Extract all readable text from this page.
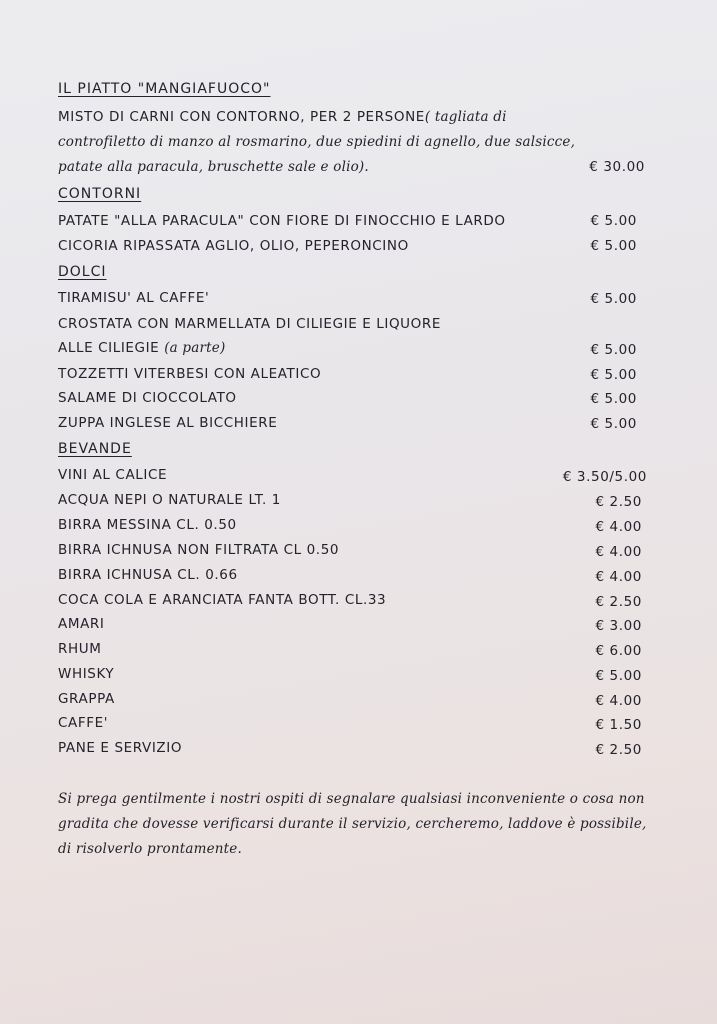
IL PIATTO "MANGIAFUOCO"
MISTO DI CARNI CON CONTORNO, PER 2 PERSONE( tagliata di
controfiletto di manzo al rosmarino, due spiedini di agnello, due salsicce,
patate alla paracula, bruschette sale e olio).	€ 30.00
CONTORNI
PATATE "ALLA PARACULA" CON FIORE DI FINOCCHIO E LARDO	€ 5.00
CICORIA RIPASSATA AGLIO, OLIO, PEPERONCINO	€ 5.00
DOLCI
TIRAMISU' AL CAFFE'	€ 5.00
CROSTATA CON MARMELLATA DI CILIEGIE E LIQUORE
ALLE CILIEGIE (a parte)	€ 5.00
TOZZETTI VITERBESI CON ALEATICO	€ 5.00
SALAME DI CIOCCOLATO	€ 5.00
ZUPPA INGLESE AL BICCHIERE	€ 5.00
BEVANDE
VINI AL CALICE	€ 3.50/5.00
ACQUA NEPI O NATURALE LT. 1	€ 2.50
BIRRA MESSINA CL. 0.50	€ 4.00
BIRRA ICHNUSA NON FILTRATA CL 0.50	€ 4.00
BIRRA ICHNUSA CL. 0.66	€ 4.00
COCA COLA E ARANCIATA FANTA BOTT. CL.33	€ 2.50
AMARI	€ 3.00
RHUM	€ 6.00
WHISKY	€ 5.00
GRAPPA	€ 4.00
CAFFE'	€ 1.50
PANE E SERVIZIO	€ 2.50
Si prega gentilmente i nostri ospiti di segnalare qualsiasi inconveniente o cosa non gradita che dovesse verificarsi durante il servizio, cercheremo, laddove è possibile, di risolverlo prontamente.
